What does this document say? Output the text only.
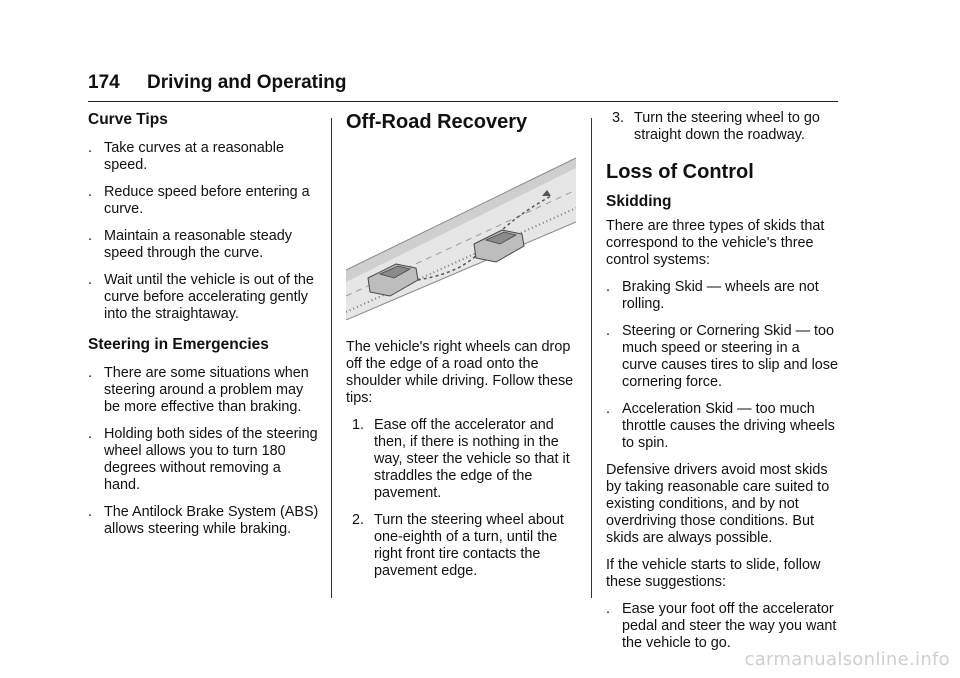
174 Driving and Operating
Curve Tips
. Take curves at a reasonable speed.
. Reduce speed before entering a curve.
. Maintain a reasonable steady speed through the curve.
. Wait until the vehicle is out of the curve before accelerating gently into the straightaway.
Steering in Emergencies
. There are some situations when steering around a problem may be more effective than braking.
. Holding both sides of the steering wheel allows you to turn 180 degrees without removing a hand.
. The Antilock Brake System (ABS) allows steering while braking.
Off-Road Recovery

The vehicle's right wheels can drop off the edge of a road onto the shoulder while driving. Follow these tips:

1. Ease off the accelerator and then, if there is nothing in the way, steer the vehicle so that it straddles the edge of the pavement.
2. Turn the steering wheel about one-eighth of a turn, until the right front tire contacts the pavement edge.
3. Turn the steering wheel to go straight down the roadway.
Loss of Control
Skidding

There are three types of skids that correspond to the vehicle's three control systems:

. Braking Skid — wheels are not rolling.
. Steering or Cornering Skid — too much speed or steering in a curve causes tires to slip and lose cornering force.
. Acceleration Skid — too much throttle causes the driving wheels to spin.

Defensive drivers avoid most skids by taking reasonable care suited to existing conditions, and by not overdriving those conditions. But skids are always possible.

If the vehicle starts to slide, follow these suggestions:

. Ease your foot off the accelerator pedal and steer the way you want the vehicle to go.
carmanualsonline.info
